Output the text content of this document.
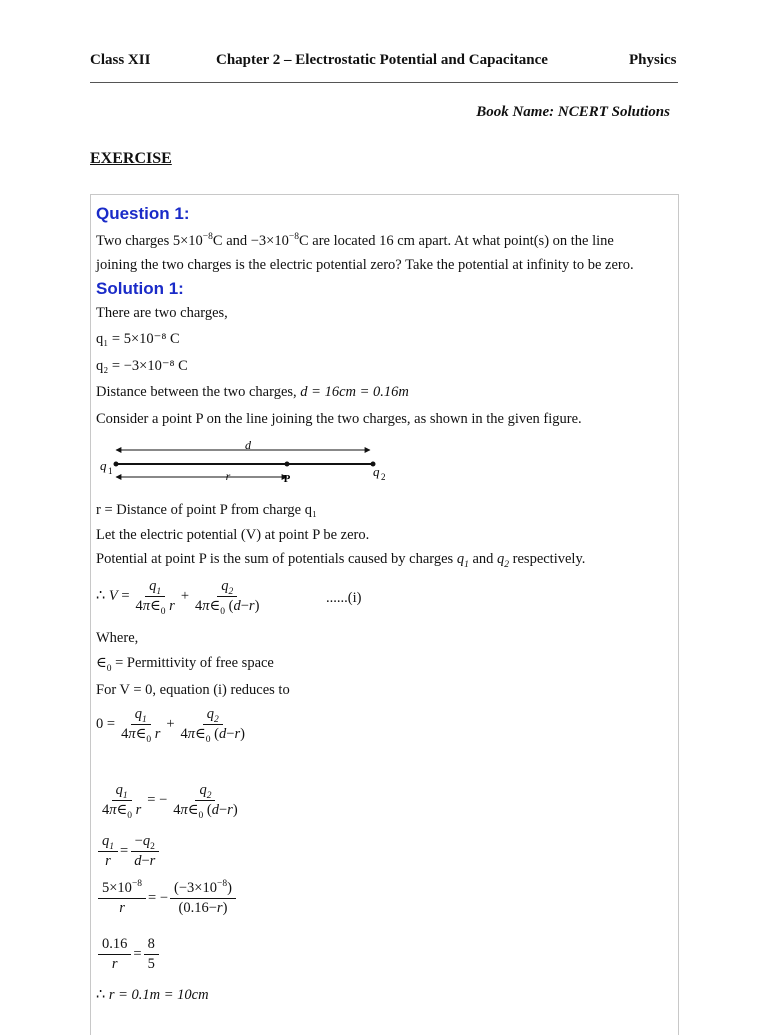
Class XII	Chapter 2 – Electrostatic Potential and Capacitance	Physics
Book Name: NCERT Solutions
EXERCISE
Question 1:
Two charges $5\times 10^{-8}C$ and $-3\times 10^{-8}C$ are located 16 cm apart. At what point(s) on the line
joining the two charges is the electric potential zero? Take the potential at infinity to be zero.
Solution 1:
There are two charges,
q₁ = 5×10⁻⁸ C
q₂ = −3×10⁻⁸ C
Distance between the two charges, d = 16cm = 0.16m
Consider a point P on the line joining the two charges, as shown in the given figure.
d
r	P
q 1	q 2
r = Distance of point P from charge q₁
Let the electric potential (V) at point P be zero.
Potential at point P is the sum of potentials caused by charges $q_1$ and $q_2$ respectively.
∴ $V = \frac{q_1}{4\pi\in_0 r} + \frac{q_2}{4\pi\in_0 (d-r)}$	......(i)
Where,
$\in_0$ = Permittivity of free space
For V = 0, equation (i) reduces to
$0 = \frac{q_1}{4\pi\in_0 r} + \frac{q_2}{4\pi\in_0 (d-r)}$
$\frac{q_1}{4\pi\in_0 r}$ = − $\frac{q_2}{4\pi\in_0 (d-r)}$
$\frac{q_1}{r} = \frac{-q_2}{d-r}$
$\frac{5\times 10^{-8}}{r}$ = − $\frac{(-3\times 10^{-8})}{(0.16-r)}$
$\frac{0.16}{r} = \frac{8}{5}$
∴ r = 0.1m = 10cm
